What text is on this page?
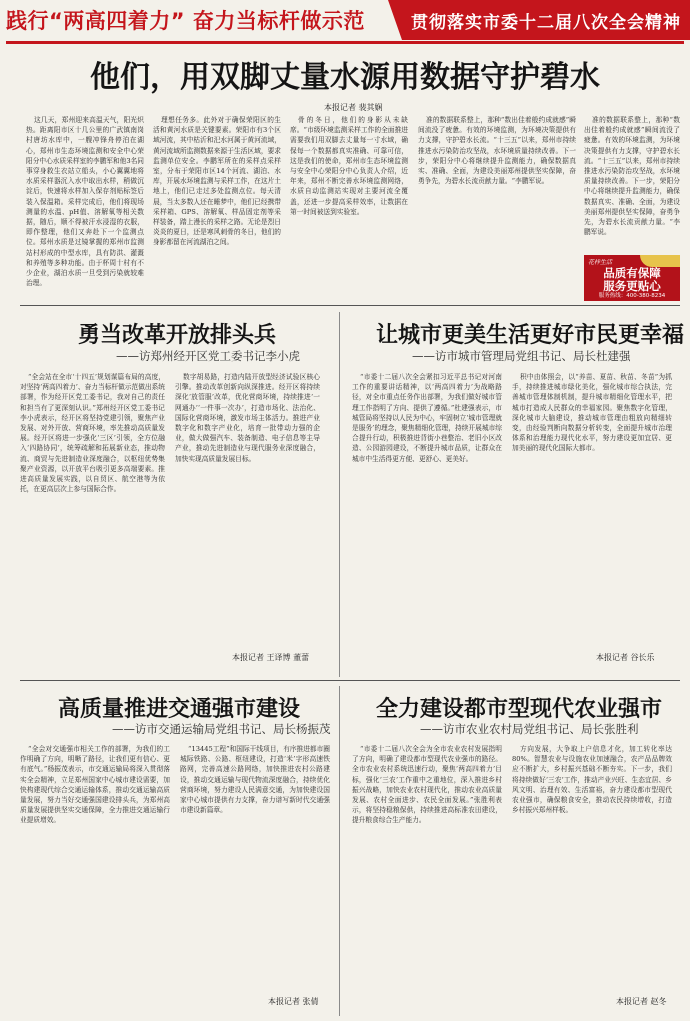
践行“两高四着力” 奋力当标杆做示范	贯彻落实市委十二届八次全会精神
他们，用双脚丈量水源用数据守护碧水
本报记者 裴其娴
这几天，郑州迎来高温天气，阳光炽热。距离阳市区十几公里的广武镇南岗村唐坊水库中，一艘冲锋舟停泊在湖心，郑州市生态环境监测和安全中心荣阳分中心水质采样室的李鹏军和他3名同事穿身救生衣站立船头，小心翼翼地将水质采样器沉入水中取出水样，稍做沉淀后，快速将水样加入保存剂贴标签后装入保温箱。采样完成后，他们将现场测量的水温、pH值、溶解氧等相关数据，随后，顺不得被汗水浸湿的衣服，即作整理，他们又奔赴下一个监测点位。郑州水质是过镜掌握的郑州市监测站村形成的中型水库，具有防洪、灌溉和养殖等多种功能。由于杯周十村有不少企业，湖泊水质一旦受到污染就较难治理。
理想任务多。此外对于确保荣阳区的生活和黄河水质是关键要素。荣阳市有3个区域河流，其中枯沂和汜水河属于黄河流域，黄河流域所监测数据来源于生活区域，要求监测单位安全。李鹏军所在的采样点采样室，分布于荣阳市区14个河流、湖泊、水库，开展水环境监测与采样工作，在这片土地上，他们已走过多处监测点位。每天清晨，当太多数人还在睡梦中，他们已经携带采样箱、GPS、溶解氧、样品固定剂等采样装备，踏上漫长的采样之路。无论是烈日炎炎的夏日，还是寒风刺骨的冬日，他们的身影都留在河流湖泊之间。
骨的冬日，他们的身影从未缺席。“市级环境监测采样工作的全面推进需要我们用双脚去丈量每一寸水域，确保每一个数据都真实准确、可靠可信，这是我们的使命，郑州市生态环境监测与安全中心荣阳分中心负责人介绍，近年来，郑州不断完善水环境监测网络，水质自动监测站实现对主要河流全覆盖，还进一步提高采样效率，让数据在第一时间被送到实验室。
准的数据联系整上，那种“数出佳着般约成就感”瞬间流没了疲惫。有效的环境监测，为环境决策提供有力支撑，守护碧水长流。“十三五”以来，郑州市持续推进水污染防治攻坚战，水环境质量持续改善。下一步，荣阳分中心将继续提升监测能力，确保数据真实、准确、全面，为建设美丽郑州提供坚实保障，奋勇争先，为碧水长流贡献力量。“李鹏军说。
准的数据联系整上，那种“数出佳着般约成就感”瞬间流没了疲惫。有效的环境监测，为环境决策提供有力支撑，守护碧水长流。“十三五”以来，郑州市持续推进水污染防治攻坚战，水环境质量持续改善。下一步，荣阳分中心将继续提升监测能力，确保数据真实、准确、全面，为建设美丽郑州提供坚实保障，奋勇争先，为碧水长流贡献力量。“李鹏军说。
花样生活
品质有保障
服务更贴心
服务热线：400-380-8234
勇当改革开放排头兵
——访郑州经开区党工委书记李小虎
“全会站在全市‘十四五’规划谋篇布局的高度，对坚持‘两高四着力’、奋力当标杆做示范做出系统部署，作为经开区党工委书记，我对自己的责任和担当有了更深刻认识。”郑州经开区党工委书记李小虎表示，经开区将坚持党建引领，聚焦产业发展、对外开放、营商环境，率先推动高质量发展。经开区将进一步强化‘三区’引领，全方位融入‘四路协同’，统筹疏解和拓展新业态，推动物流、商贸与先进制造业深度融合，以枢纽优势集聚产业资源，以开放平台吸引更多高端要素。推进高质量发展实践，以自贸区、航空港等为依托，在更高层次上参与国际合作。
数字胡易路，打造内陆开放型经济试验区核心引擎。推动改革创新向纵深推进。经开区将持续深化‘放管服’改革，优化营商环境，持续推进‘一网通办’‘一件事一次办’，打造市场化、法治化、国际化营商环境，激发市场主体活力。推进产业数字化和数字产业化，培育一批带动力强的企业，做大做强汽车、装备制造、电子信息等主导产业，推动先进制造业与现代服务业深度融合，加快实现高质量发展目标。
本报记者 王译博 董蕾
让城市更美生活更好市民更幸福
——访市城市管理局党组书记、局长杜建强
“市委十二届八次全会紧扣习近平总书记对河南工作的重要讲话精神，以‘两高四着力’为战略路径，对全市重点任务作出部署，为我们做好城市管理工作指明了方向、提供了遵循。”杜建强表示，市城管局将坚持以人民为中心，牢固树立‘城市管理就是服务’的理念，聚焦精细化管理，持续开展城市综合提升行动，积极推进背街小巷整治、老旧小区改造、公园游园建设，不断提升城市品质，让群众在城市中生活得更方便、更舒心、更美好。
积中由体照会，以“养苗、夏苗、秋苗、冬苗”为抓手，持续推进城市绿化美化，强化城市综合执法，完善城市管理体制机制，提升城市精细化管理水平，把城市打造成人民群众的幸福家园。聚焦数字化管理，深化城市大脑建设，推动城市管理由粗放向精细转变，由经验判断向数据分析转变，全面提升城市治理体系和治理能力现代化水平，努力建设更加宜居、更加美丽的现代化国际大都市。
本报记者 谷长乐
高质量推进交通强市建设
——访市交通运输局党组书记、局长杨振茂
“全会对交通强市相关工作的部署，为我们的工作明确了方向，明晰了路径，让我们更有信心、更有底气。”杨振茂表示，市交通运输局将深入贯彻落实全会精神，立足郑州国家中心城市建设需要，加快构建现代综合交通运输体系，推动交通运输高质量发展，努力当好交通强国建设排头兵，为郑州高质量发展提供坚实交通保障，全力推进交通运输行业提质增效。
“13445工程”和国际干线项目，有序推进都市圈城际铁路、公路、枢纽建设，打造‘米’字形高速铁路网，完善高速公路网络，加快推进农村公路建设，推动交通运输与现代物流深度融合，持续优化营商环境，努力建设人民满意交通，为加快建设国家中心城市提供有力支撑，奋力谱写新时代交通强市建设新篇章。
本报记者 张倩
全力建设都市型现代农业强市
——访市农业农村局党组书记、局长张胜利
“市委十二届八次全会为全市农业农村发展指明了方向，明确了建设都市型现代农业强市的路径。全市农业农村系统迅速行动，聚焦‘两高四着力’目标，强化‘三农’工作重中之重地位，深入推进乡村振兴战略，加快农业农村现代化，推动农业高质量发展、农村全面进步、农民全面发展。”张胜利表示，将坚持稳粮保供，持续推进高标准农田建设，提升粮食综合生产能力。
方向发展，大争取上户信息才化，加工转化率达80%。智慧农业与设施农业加速融合，农产品品牌效应不断扩大，乡村振兴基础不断夯实。下一步，我们将持续做好‘三农’工作，推动产业兴旺、生态宜居、乡风文明、治理有效、生活富裕，奋力建设都市型现代农业强市，确保粮食安全，推动农民持续增收，打造乡村振兴郑州样板。
本报记者 赵冬
